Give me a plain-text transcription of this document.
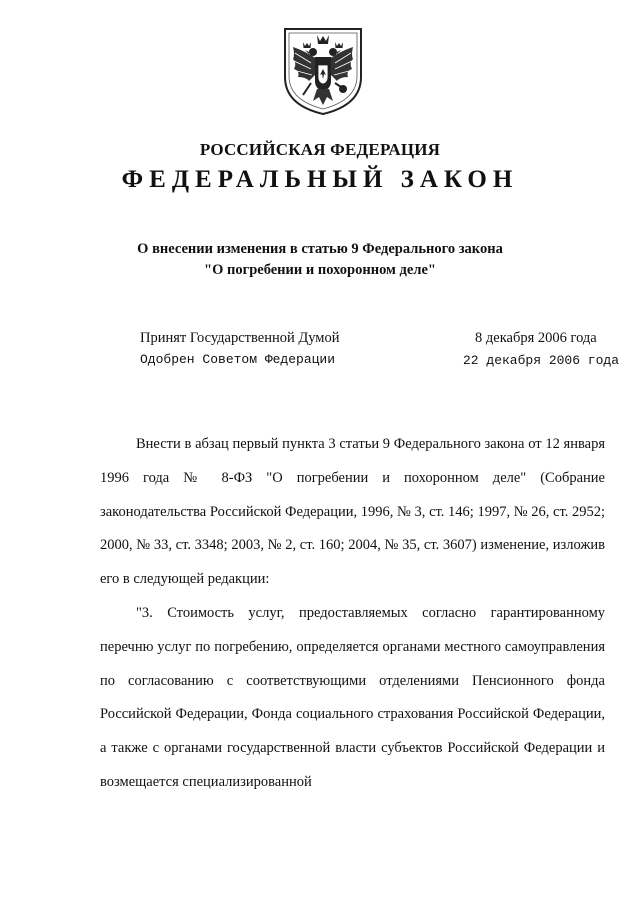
РОССИЙСКАЯ ФЕДЕРАЦИЯ
ФЕДЕРАЛЬНЫЙ ЗАКОН
О внесении изменения в статью 9 Федерального закона
"О погребении и похоронном деле"
Принят Государственной Думой	8 декабря 2006 года
Одобрен Советом Федерации	22 декабря 2006 года

Внести в абзац первый пункта 3 статьи 9 Федерального закона от 12 января 1996 года № 8-ФЗ "О погребении и похоронном деле" (Собрание законодательства Российской Федерации, 1996, № 3, ст. 146; 1997, № 26, ст. 2952; 2000, № 33, ст. 3348; 2003, № 2, ст. 160; 2004, № 35, ст. 3607) изменение, изложив его в следующей редакции:

"3. Стоимость услуг, предоставляемых согласно гарантированному перечню услуг по погребению, определяется органами местного самоуправления по согласованию с соответствующими отделениями Пенсионного фонда Российской Федерации, Фонда социального страхования Российской Федерации, а также с органами государственной власти субъектов Российской Федерации и возмещается специализированной
